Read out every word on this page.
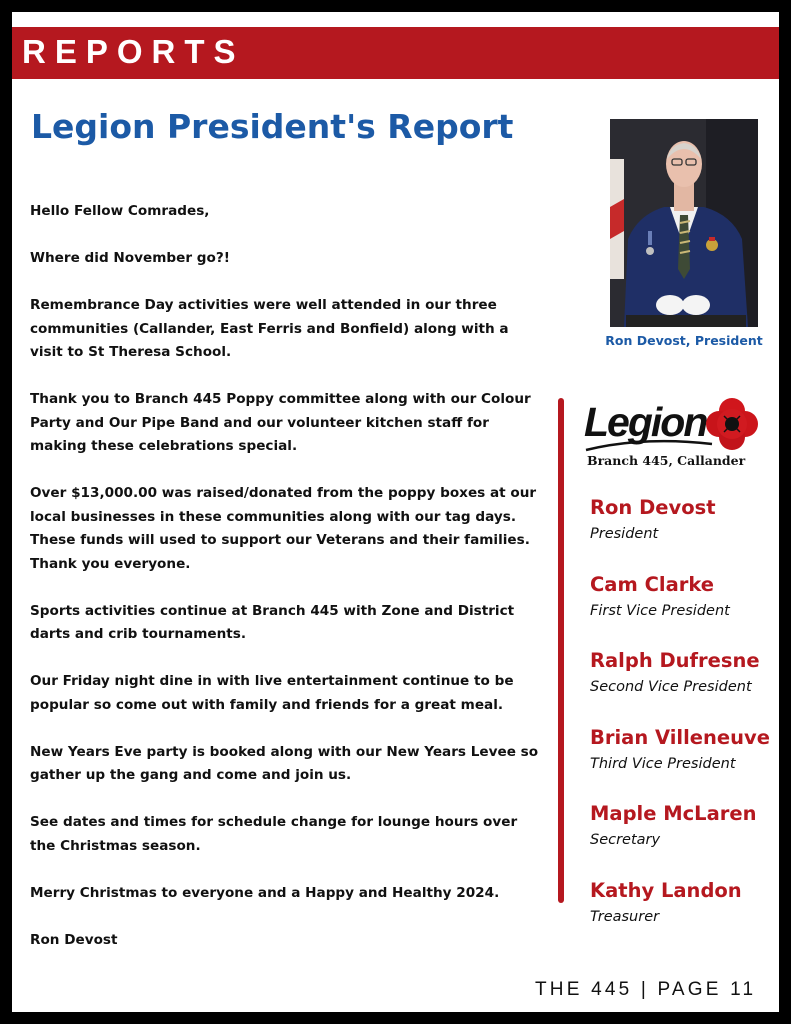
REPORTS
Legion President's Report

Hello Fellow Comrades,

Where did November go?!

Remembrance Day activities were well attended in our three communities (Callander, East Ferris and Bonfield) along with a visit to St Theresa School.

Thank you to Branch 445 Poppy committee along with our Colour Party and Our Pipe Band and our volunteer kitchen staff for making these celebrations special.

Over $13,000.00 was raised/donated from the poppy boxes at our local businesses in these communities along with our tag days. These funds will used to support our Veterans and their families. Thank you everyone.

Sports activities continue at Branch 445 with Zone and District darts and crib tournaments.

Our Friday night dine in with live entertainment continue to be popular so come out with family and friends for a great meal.

New Years Eve party is booked along with our New Years Levee so gather up the gang and come and join us.

See dates and times for schedule change for lounge hours over the Christmas season.

Merry Christmas to everyone and a Happy and Healthy 2024.

Ron Devost

Ron Devost, President
Legion
Branch 445, Callander
Ron Devost
President
Cam Clarke
First Vice President
Ralph Dufresne
Second Vice President
Brian Villeneuve
Third Vice President
Maple McLaren
Secretary
Kathy Landon
Treasurer
THE 445 | PAGE 11
